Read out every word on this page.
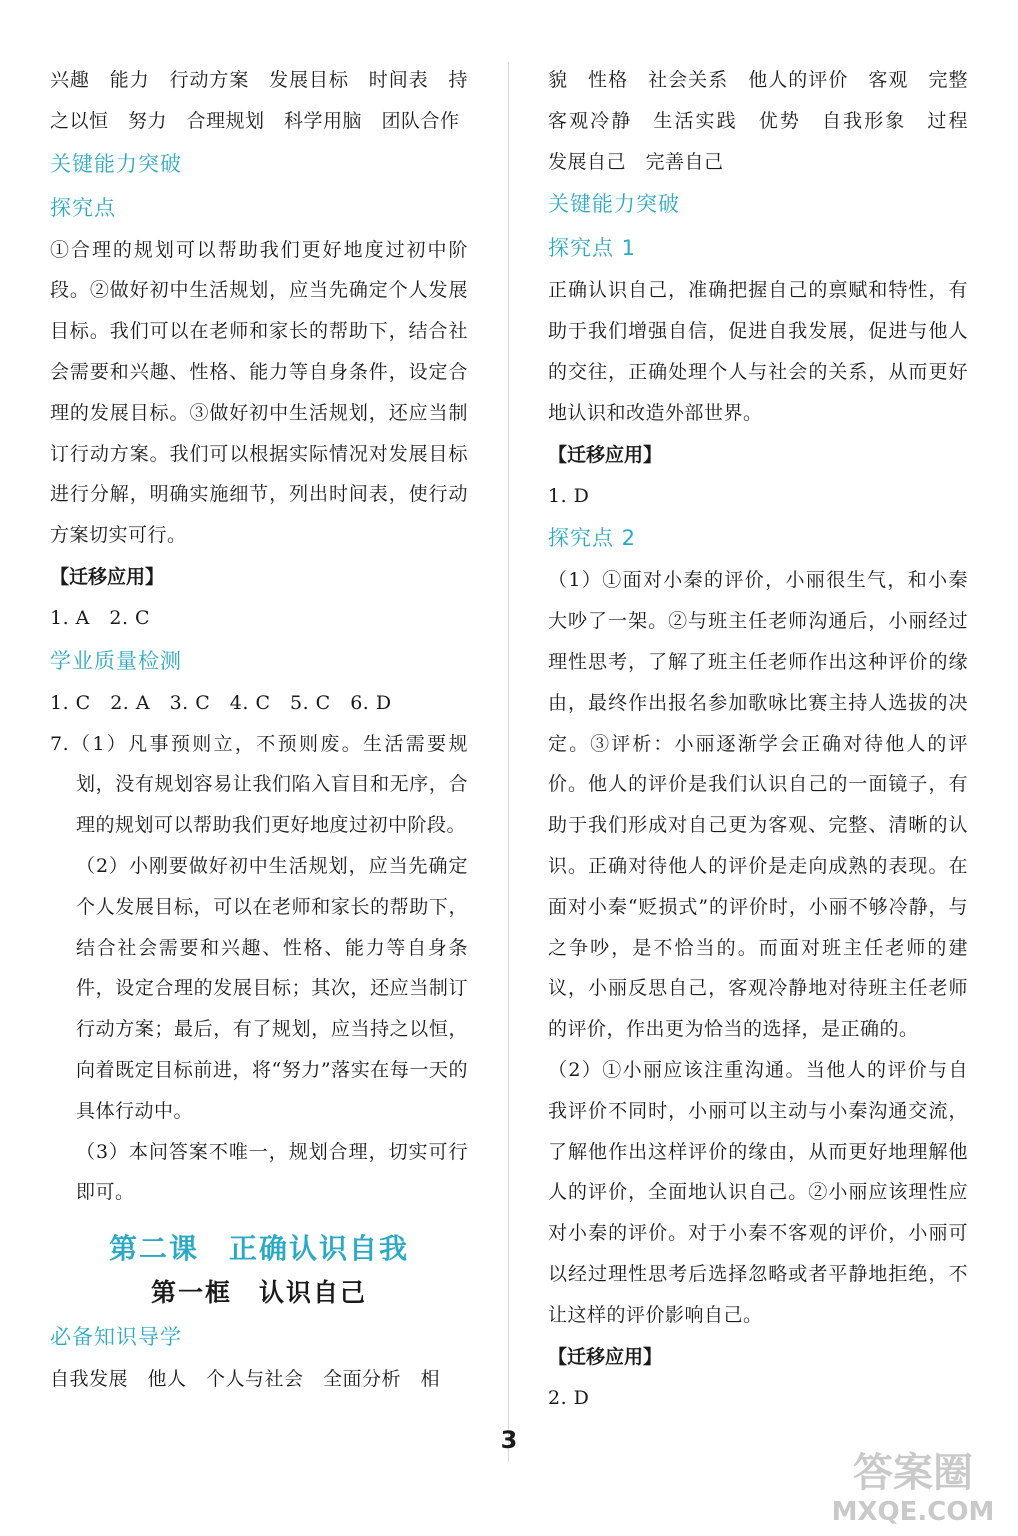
兴趣　能力　行动方案　发展目标　时间表　持之以恒　努力　合理规划　科学用脑　团队合作

关键能力突破

探究点

①合理的规划可以帮助我们更好地度过初中阶段。②做好初中生活规划，应当先确定个人发展目标。我们可以在老师和家长的帮助下，结合社会需要和兴趣、性格、能力等自身条件，设定合理的发展目标。③做好初中生活规划，还应当制订行动方案。我们可以根据实际情况对发展目标进行分解，明确实施细节，列出时间表，使行动方案切实可行。

【迁移应用】

1. A　2. C

学业质量检测

1. C　2. A　3. C　4. C　5. C　6. D

7.（1）凡事预则立，不预则废。生活需要规划，没有规划容易让我们陷入盲目和无序，合理的规划可以帮助我们更好地度过初中阶段。

（2）小刚要做好初中生活规划，应当先确定个人发展目标，可以在老师和家长的帮助下，结合社会需要和兴趣、性格、能力等自身条件，设定合理的发展目标；其次，还应当制订行动方案；最后，有了规划，应当持之以恒，向着既定目标前进，将“努力”落实在每一天的具体行动中。

（3）本问答案不唯一，规划合理，切实可行即可。

第二课　正确认识自我

第一框　认识自己

必备知识导学

自我发展　他人　个人与社会　全面分析　相

貌　性格　社会关系　他人的评价　客观　完整　客观冷静　生活实践　优势　自我形象　过程　发展自己　完善自己

关键能力突破

探究点 1

正确认识自己，准确把握自己的禀赋和特性，有助于我们增强自信，促进自我发展，促进与他人的交往，正确处理个人与社会的关系，从而更好地认识和改造外部世界。

【迁移应用】

1. D

探究点 2

（1）①面对小秦的评价，小丽很生气，和小秦大吵了一架。②与班主任老师沟通后，小丽经过理性思考，了解了班主任老师作出这种评价的缘由，最终作出报名参加歌咏比赛主持人选拔的决定。③评析：小丽逐渐学会正确对待他人的评价。他人的评价是我们认识自己的一面镜子，有助于我们形成对自己更为客观、完整、清晰的认识。正确对待他人的评价是走向成熟的表现。在面对小秦“贬损式”的评价时，小丽不够冷静，与之争吵，是不恰当的。而面对班主任老师的建议，小丽反思自己，客观冷静地对待班主任老师的评价，作出更为恰当的选择，是正确的。

（2）①小丽应该注重沟通。当他人的评价与自我评价不同时，小丽可以主动与小秦沟通交流，了解他作出这样评价的缘由，从而更好地理解他人的评价，全面地认识自己。②小丽应该理性应对小秦的评价。对于小秦不客观的评价，小丽可以经过理性思考后选择忽略或者平静地拒绝，不让这样的评价影响自己。

【迁移应用】

2. D

3
答案圈
MXQE.COM
